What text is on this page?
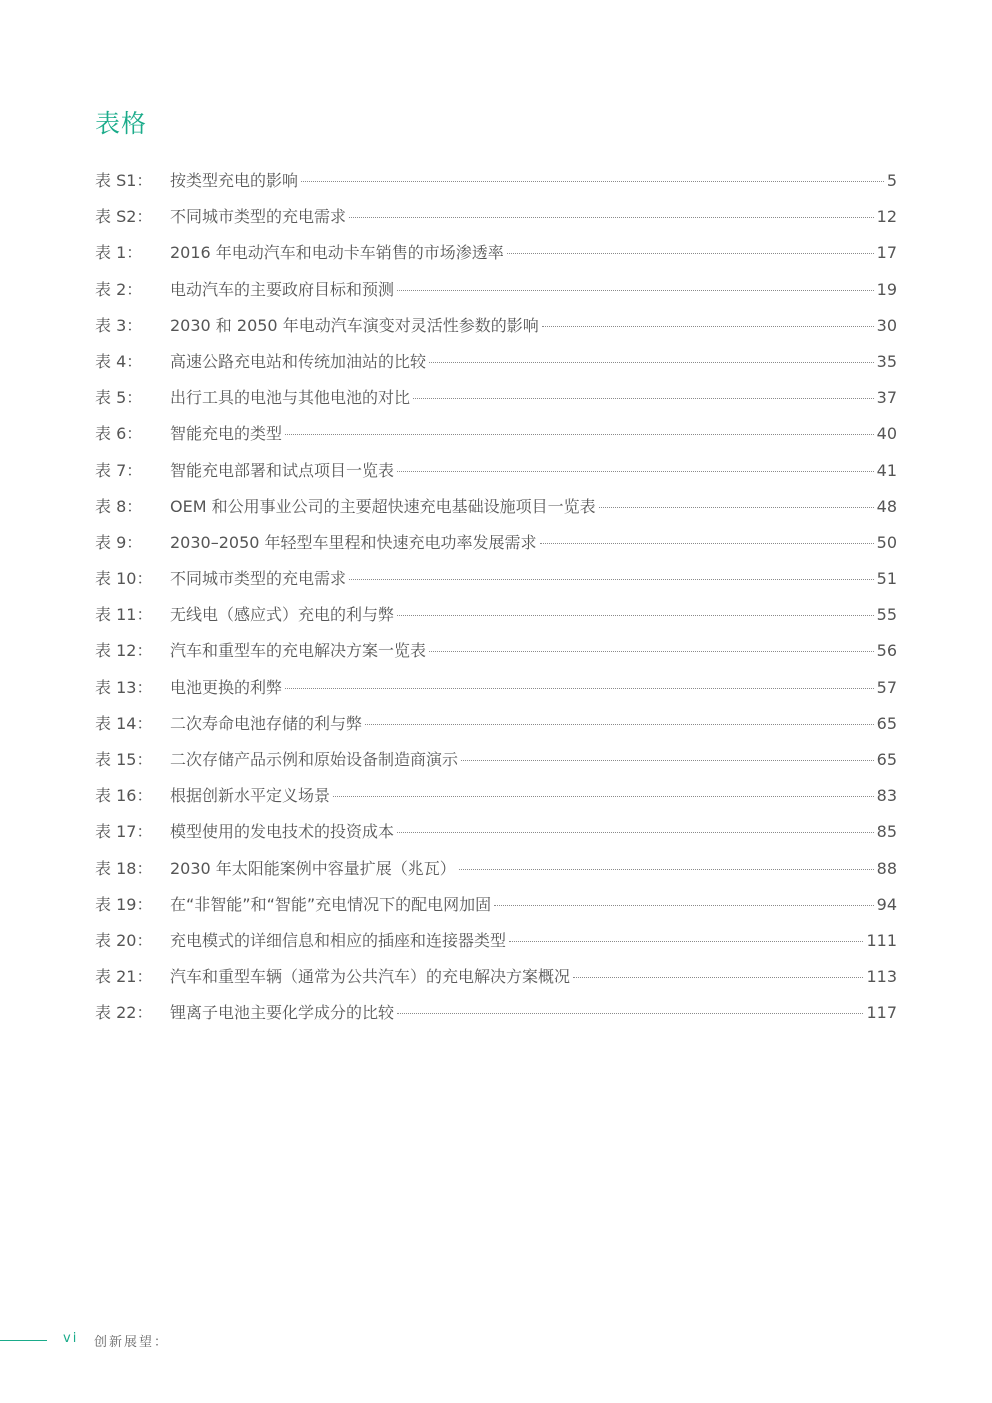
表格
表 S1：	按类型充电的影响	5
表 S2：	不同城市类型的充电需求	12
表 1：	2016 年电动汽车和电动卡车销售的市场渗透率	17
表 2：	电动汽车的主要政府目标和预测	19
表 3：	2030 和 2050 年电动汽车演变对灵活性参数的影响	30
表 4：	高速公路充电站和传统加油站的比较	35
表 5：	出行工具的电池与其他电池的对比	37
表 6：	智能充电的类型	40
表 7：	智能充电部署和试点项目一览表	41
表 8：	OEM 和公用事业公司的主要超快速充电基础设施项目一览表	48
表 9：	2030–2050 年轻型车里程和快速充电功率发展需求	50
表 10：	不同城市类型的充电需求	51
表 11：	无线电（感应式）充电的利与弊	55
表 12：	汽车和重型车的充电解决方案一览表	56
表 13：	电池更换的利弊	57
表 14：	二次寿命电池存储的利与弊	65
表 15：	二次存储产品示例和原始设备制造商演示	65
表 16：	根据创新水平定义场景	83
表 17：	模型使用的发电技术的投资成本	85
表 18：	2030 年太阳能案例中容量扩展（兆瓦）	88
表 19：	在“非智能”和“智能”充电情况下的配电网加固	94
表 20：	充电模式的详细信息和相应的插座和连接器类型	111
表 21：	汽车和重型车辆（通常为公共汽车）的充电解决方案概况	113
表 22：	锂离子电池主要化学成分的比较	117
vi 创新展望：
